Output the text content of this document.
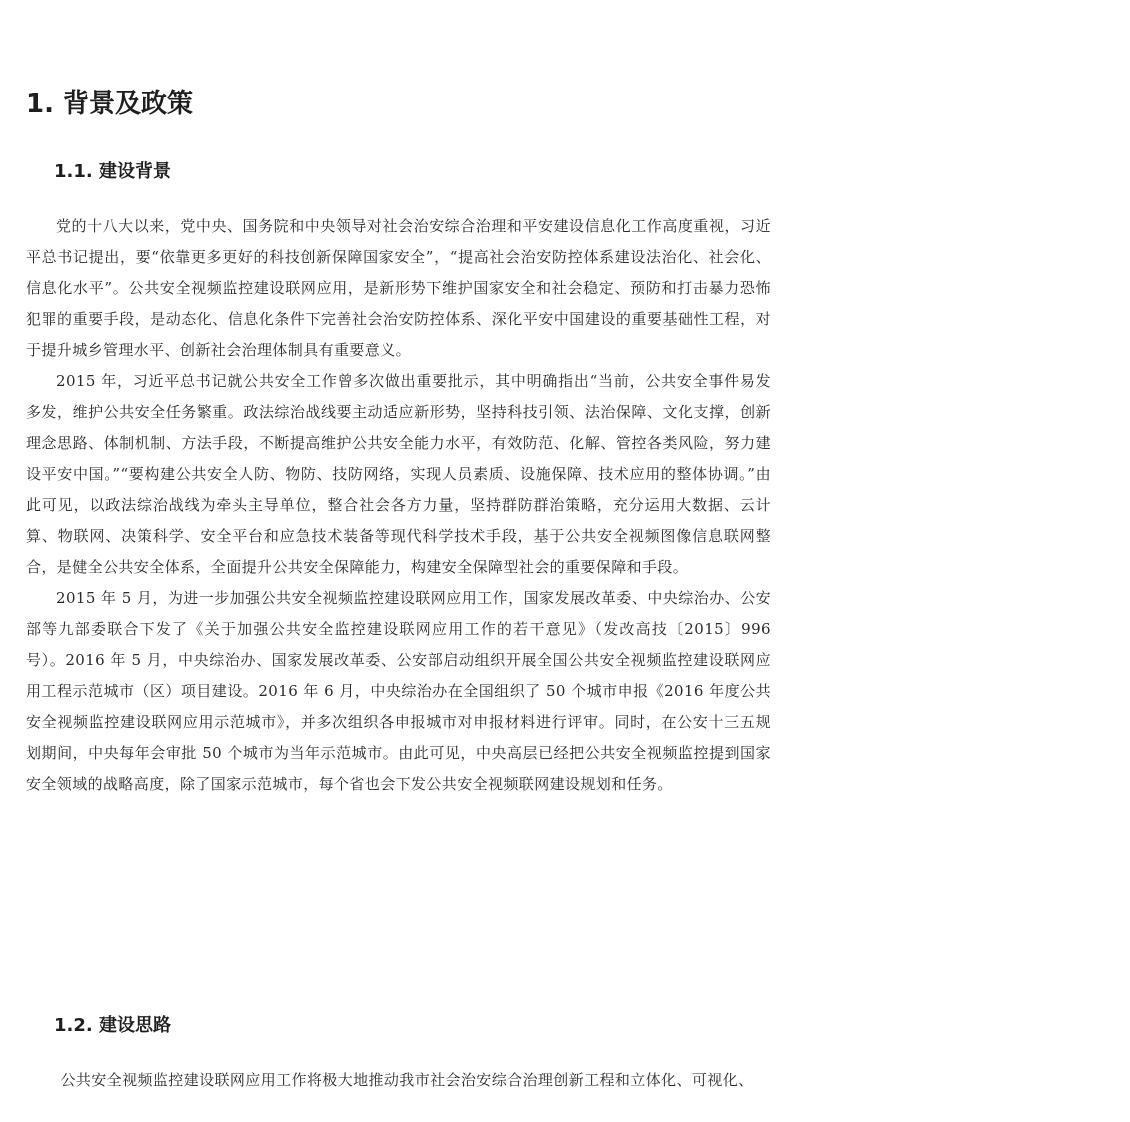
1. 背景及政策
1.1. 建设背景

党的十八大以来，党中央、国务院和中央领导对社会治安综合治理和平安建设信息化工作高度重视，习近平总书记提出，要“依靠更多更好的科技创新保障国家安全”，“提高社会治安防控体系建设法治化、社会化、信息化水平”。公共安全视频监控建设联网应用，是新形势下维护国家安全和社会稳定、预防和打击暴力恐怖犯罪的重要手段，是动态化、信息化条件下完善社会治安防控体系、深化平安中国建设的重要基础性工程，对于提升城乡管理水平、创新社会治理体制具有重要意义。

2015 年，习近平总书记就公共安全工作曾多次做出重要批示，其中明确指出“当前，公共安全事件易发多发，维护公共安全任务繁重。政法综治战线要主动适应新形势，坚持科技引领、法治保障、文化支撑，创新理念思路、体制机制、方法手段，不断提高维护公共安全能力水平，有效防范、化解、管控各类风险，努力建设平安中国。”“要构建公共安全人防、物防、技防网络，实现人员素质、设施保障、技术应用的整体协调。”由此可见，以政法综治战线为牵头主导单位，整合社会各方力量，坚持群防群治策略，充分运用大数据、云计算、物联网、决策科学、安全平台和应急技术装备等现代科学技术手段，基于公共安全视频图像信息联网整合，是健全公共安全体系，全面提升公共安全保障能力，构建安全保障型社会的重要保障和手段。

2015 年 5 月，为进一步加强公共安全视频监控建设联网应用工作，国家发展改革委、中央综治办、公安部等九部委联合下发了《关于加强公共安全监控建设联网应用工作的若干意见》（发改高技〔2015〕996号）。2016 年 5 月，中央综治办、国家发展改革委、公安部启动组织开展全国公共安全视频监控建设联网应用工程示范城市（区）项目建设。2016 年 6 月，中央综治办在全国组织了 50 个城市申报《2016 年度公共安全视频监控建设联网应用示范城市》，并多次组织各申报城市对申报材料进行评审。同时，在公安十三五规划期间，中央每年会审批 50 个城市为当年示范城市。由此可见，中央高层已经把公共安全视频监控提到国家安全领域的战略高度，除了国家示范城市，每个省也会下发公共安全视频联网建设规划和任务。

1.2. 建设思路

公共安全视频监控建设联网应用工作将极大地推动我市社会治安综合治理创新工程和立体化、可视化、
